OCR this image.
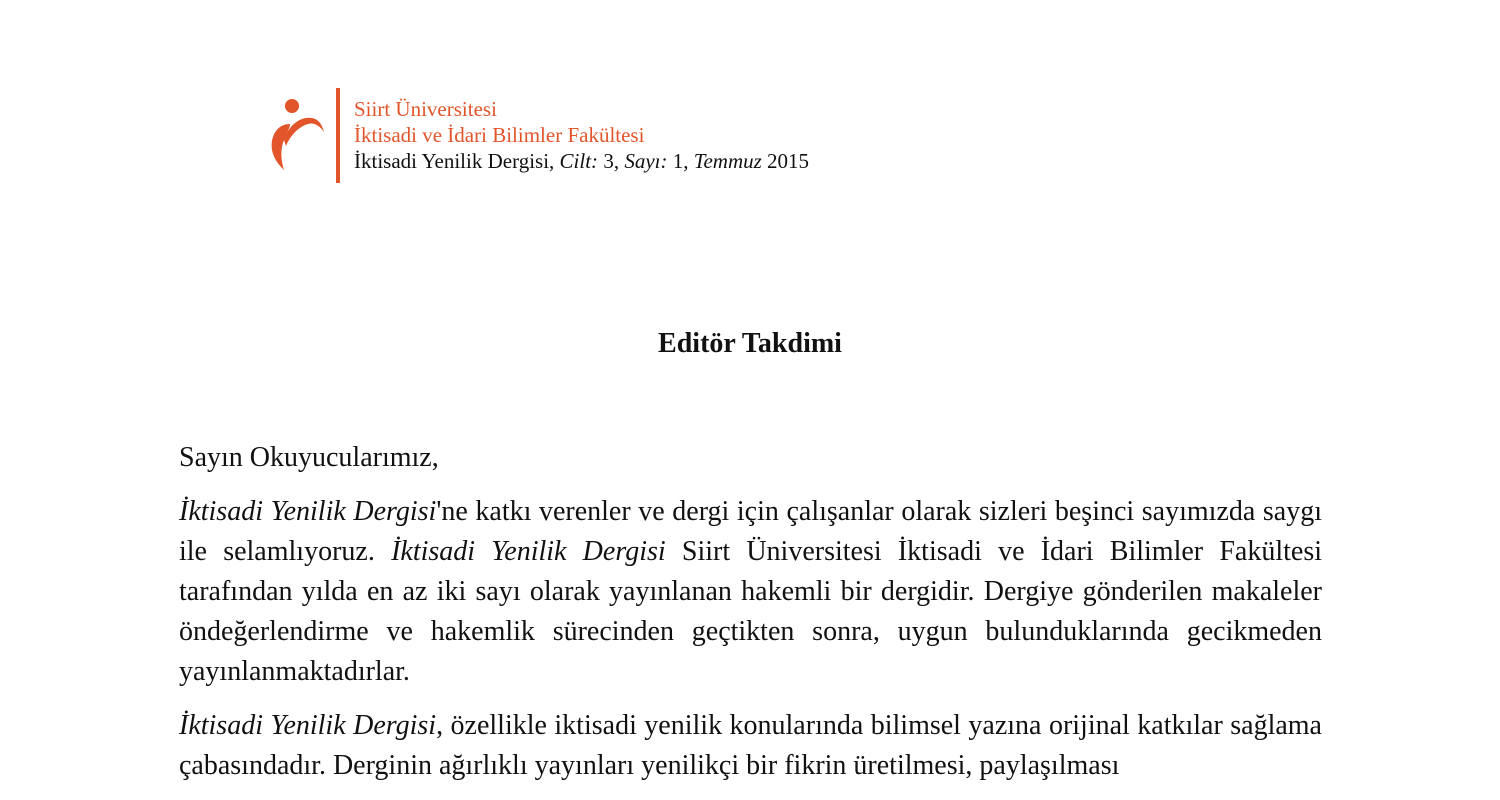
Siirt Üniversitesi
İktisadi ve İdari Bilimler Fakültesi
İktisadi Yenilik Dergisi, Cilt: 3, Sayı: 1, Temmuz 2015
Editör Takdimi

Sayın Okuyucularımız,

İktisadi Yenilik Dergisi'ne katkı verenler ve dergi için çalışanlar olarak sizleri beşinci sayımızda saygı ile selamlıyoruz. İktisadi Yenilik Dergisi Siirt Üniversitesi İktisadi ve İdari Bilimler Fakültesi tarafından yılda en az iki sayı olarak yayınlanan hakemli bir dergidir. Dergiye gönderilen makaleler öndeğerlendirme ve hakemlik sürecinden geçtikten sonra, uygun bulunduklarında gecikmeden yayınlanmaktadırlar.

İktisadi Yenilik Dergisi, özellikle iktisadi yenilik konularında bilimsel yazına orijinal katkılar sağlama çabasındadır. Derginin ağırlıklı yayınları yenilikçi bir fikrin üretilmesi, paylaşılması
